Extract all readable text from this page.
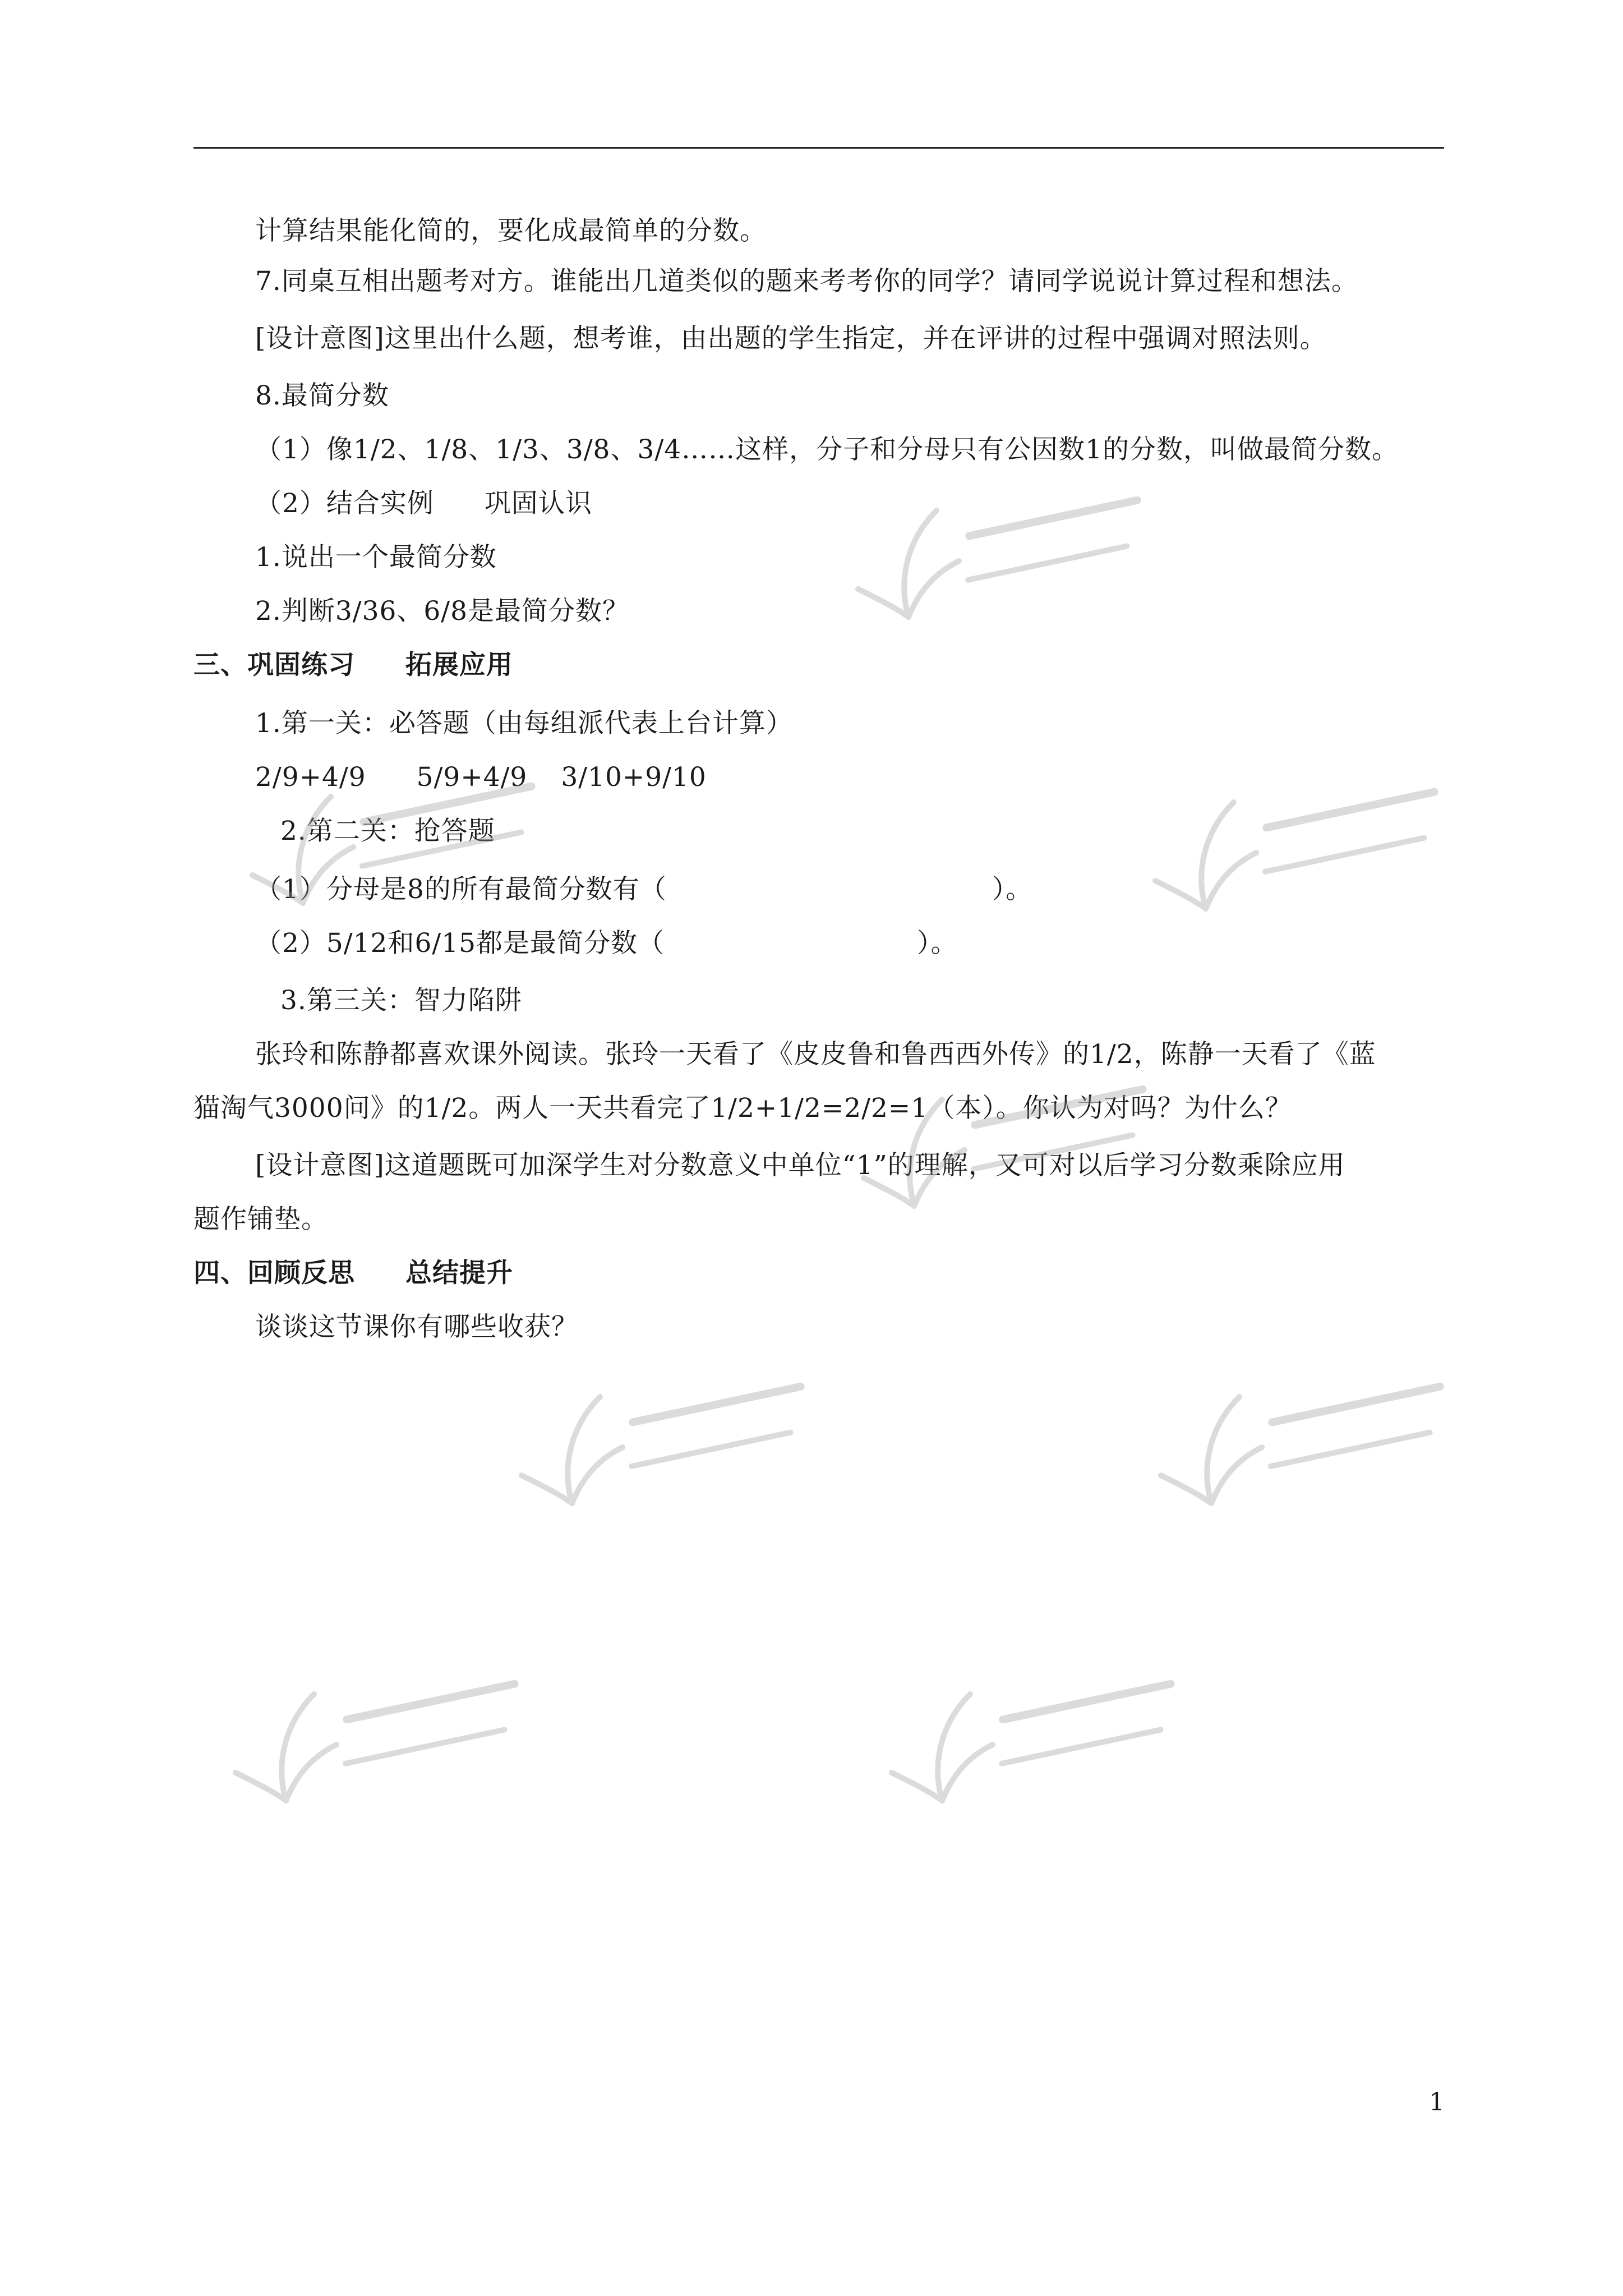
计算结果能化简的，要化成最简单的分数。
7.同桌互相出题考对方。谁能出几道类似的题来考考你的同学？请同学说说计算过程和想法。
[设计意图]这里出什么题，想考谁，由出题的学生指定，并在评讲的过程中强调对照法则。
8.最简分数
（1）像1/2、1/8、1/3、3/8、3/4……这样，分子和分母只有公因数1的分数，叫做最简分数。
（2）结合实例 巩固认识
1.说出一个最简分数
2.判断3/36、6/8是最简分数？
三、巩固练习 拓展应用
1.第一关：必答题（由每组派代表上台计算）
2/9+4/9 5/9+4/9 3/10+9/10
2.第二关：抢答题
（1）分母是8的所有最简分数有（	）。
（2）5/12和6/15都是最简分数（	）。
3.第三关：智力陷阱
张玲和陈静都喜欢课外阅读。张玲一天看了《皮皮鲁和鲁西西外传》的1/2，陈静一天看了《蓝
猫淘气3000问》的1/2。两人一天共看完了1/2+1/2=2/2=1（本）。你认为对吗？为什么？
[设计意图]这道题既可加深学生对分数意义中单位“1”的理解，又可对以后学习分数乘除应用
题作铺垫。
四、回顾反思 总结提升
谈谈这节课你有哪些收获？
1
